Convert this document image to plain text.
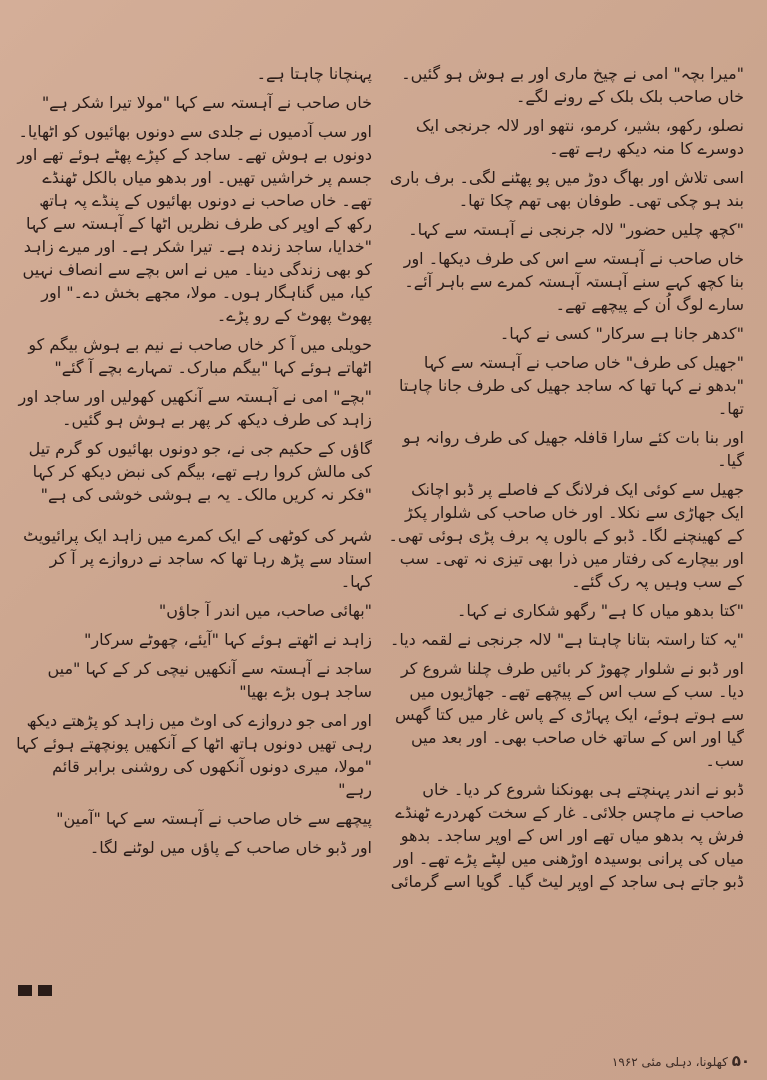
"میرا بچہ" امی نے چیخ ماری اور بے ہوش ہو گئیں۔ خاں صاحب بلک بلک کے رونے لگے۔

نصلو، رکھو، بشیر، کرمو، نتھو اور لالہ جرنجی ایک دوسرے کا منہ دیکھ رہے تھے۔

اسی تلاش اور بھاگ دوڑ میں پو پھٹنے لگی۔ برف باری بند ہو چکی تھی۔ طوفان بھی تھم چکا تھا۔

"کچھ چلیں حضور" لالہ جرنجی نے آہستہ سے کہا۔

خاں صاحب نے آہستہ سے اس کی طرف دیکھا۔ اور بنا کچھ کہے سنے آہستہ آہستہ کمرے سے باہر آئے۔ سارے لوگ اُن کے پیچھے تھے۔

"کدھر جانا ہے سرکار" کسی نے کہا۔

"جھیل کی طرف" خاں صاحب نے آہستہ سے کہا "بدھو نے کہا تھا کہ ساجد جھیل کی طرف جانا چاہتا تھا۔

اور بنا بات کئے سارا قافلہ جھیل کی طرف روانہ ہو گیا۔

جھیل سے کوئی ایک فرلانگ کے فاصلے پر ڈبو اچانک ایک جھاڑی سے نکلا۔ اور خاں صاحب کی شلوار پکڑ کے کھینچنے لگا۔ ڈبو کے بالوں پہ برف پڑی ہوئی تھی۔ اور بیچارے کی رفتار میں ذرا بھی تیزی نہ تھی۔ سب کے سب وہیں پہ رک گئے۔

"کتا بدھو میاں کا ہے" رگھو شکاری نے کہا۔

"یہ کتا راستہ بتانا چاہتا ہے" لالہ جرنجی نے لقمہ دیا۔

اور ڈبو نے شلوار چھوڑ کر بائیں طرف چلنا شروع کر دیا۔ سب کے سب اس کے پیچھے تھے۔ جھاڑیوں میں سے ہوتے ہوئے، ایک پہاڑی کے پاس غار میں کتا گھس گیا اور اس کے ساتھ خاں صاحب بھی۔ اور بعد میں سب۔

ڈبو نے اندر پہنچتے ہی بھونکنا شروع کر دیا۔ خاں صاحب نے ماچس جلائی۔ غار کے سخت کھردرے ٹھنڈے فرش پہ بدھو میاں تھے اور اس کے اوپر ساجد۔ بدھو میاں کی پرانی بوسیدہ اوڑھنی میں لپٹے پڑے تھے۔ اور ڈبو جاتے ہی ساجد کے اوپر لیٹ گیا۔ گویا اسے گرمائی

پہنچانا چاہتا ہے۔

خاں صاحب نے آہستہ سے کہا "مولا تیرا شکر ہے"

اور سب آدمیوں نے جلدی سے دونوں بھائیوں کو اٹھایا۔ دونوں بے ہوش تھے۔ ساجد کے کپڑے پھٹے ہوئے تھے اور جسم پر خراشیں تھیں۔ اور بدھو میاں بالکل ٹھنڈے تھے۔ خاں صاحب نے دونوں بھائیوں کے پنڈے پہ ہاتھ رکھ کے اوپر کی طرف نظریں اٹھا کے آہستہ سے کہا "خدایا، ساجد زندہ ہے۔ تیرا شکر ہے۔ اور میرے زاہد کو بھی زندگی دینا۔ میں نے اس بچے سے انصاف نہیں کیا، میں گناہگار ہوں۔ مولا، مجھے بخش دے۔" اور پھوٹ پھوٹ کے رو پڑے۔

حویلی میں آ کر خاں صاحب نے نیم بے ہوش بیگم کو اٹھاتے ہوئے کہا "بیگم مبارک۔ تمہارے بچے آ گئے"

"بچے" امی نے آہستہ سے آنکھیں کھولیں اور ساجد اور زاہد کی طرف دیکھ کر پھر بے ہوش ہو گئیں۔

گاؤں کے حکیم جی نے، جو دونوں بھائیوں کو گرم تیل کی مالش کروا رہے تھے، بیگم کی نبض دیکھ کر کہا "فکر نہ کریں مالک۔ یہ بے ہوشی خوشی کی ہے"

شہر کی کوٹھی کے ایک کمرے میں زاہد ایک پرائیویٹ استاد سے پڑھ رہا تھا کہ ساجد نے دروازے پر آ کر کہا۔

"بھائی صاحب، میں اندر آ جاؤں"

زاہد نے اٹھتے ہوئے کہا "آیئے، چھوٹے سرکار"

ساجد نے آہستہ سے آنکھیں نیچی کر کے کہا "میں ساجد ہوں بڑے بھیا"

اور امی جو دروازے کی اوٹ میں زاہد کو پڑھتے دیکھ رہی تھیں دونوں ہاتھ اٹھا کے آنکھیں پونچھتے ہوئے کہا "مولا، میری دونوں آنکھوں کی روشنی برابر قائم رہے"

پیچھے سے خاں صاحب نے آہستہ سے کہا "آمین"

اور ڈبو خاں صاحب کے پاؤں میں لوٹنے لگا۔

۵۰ کھلونا، دہلی مئی ۱۹۶۲
